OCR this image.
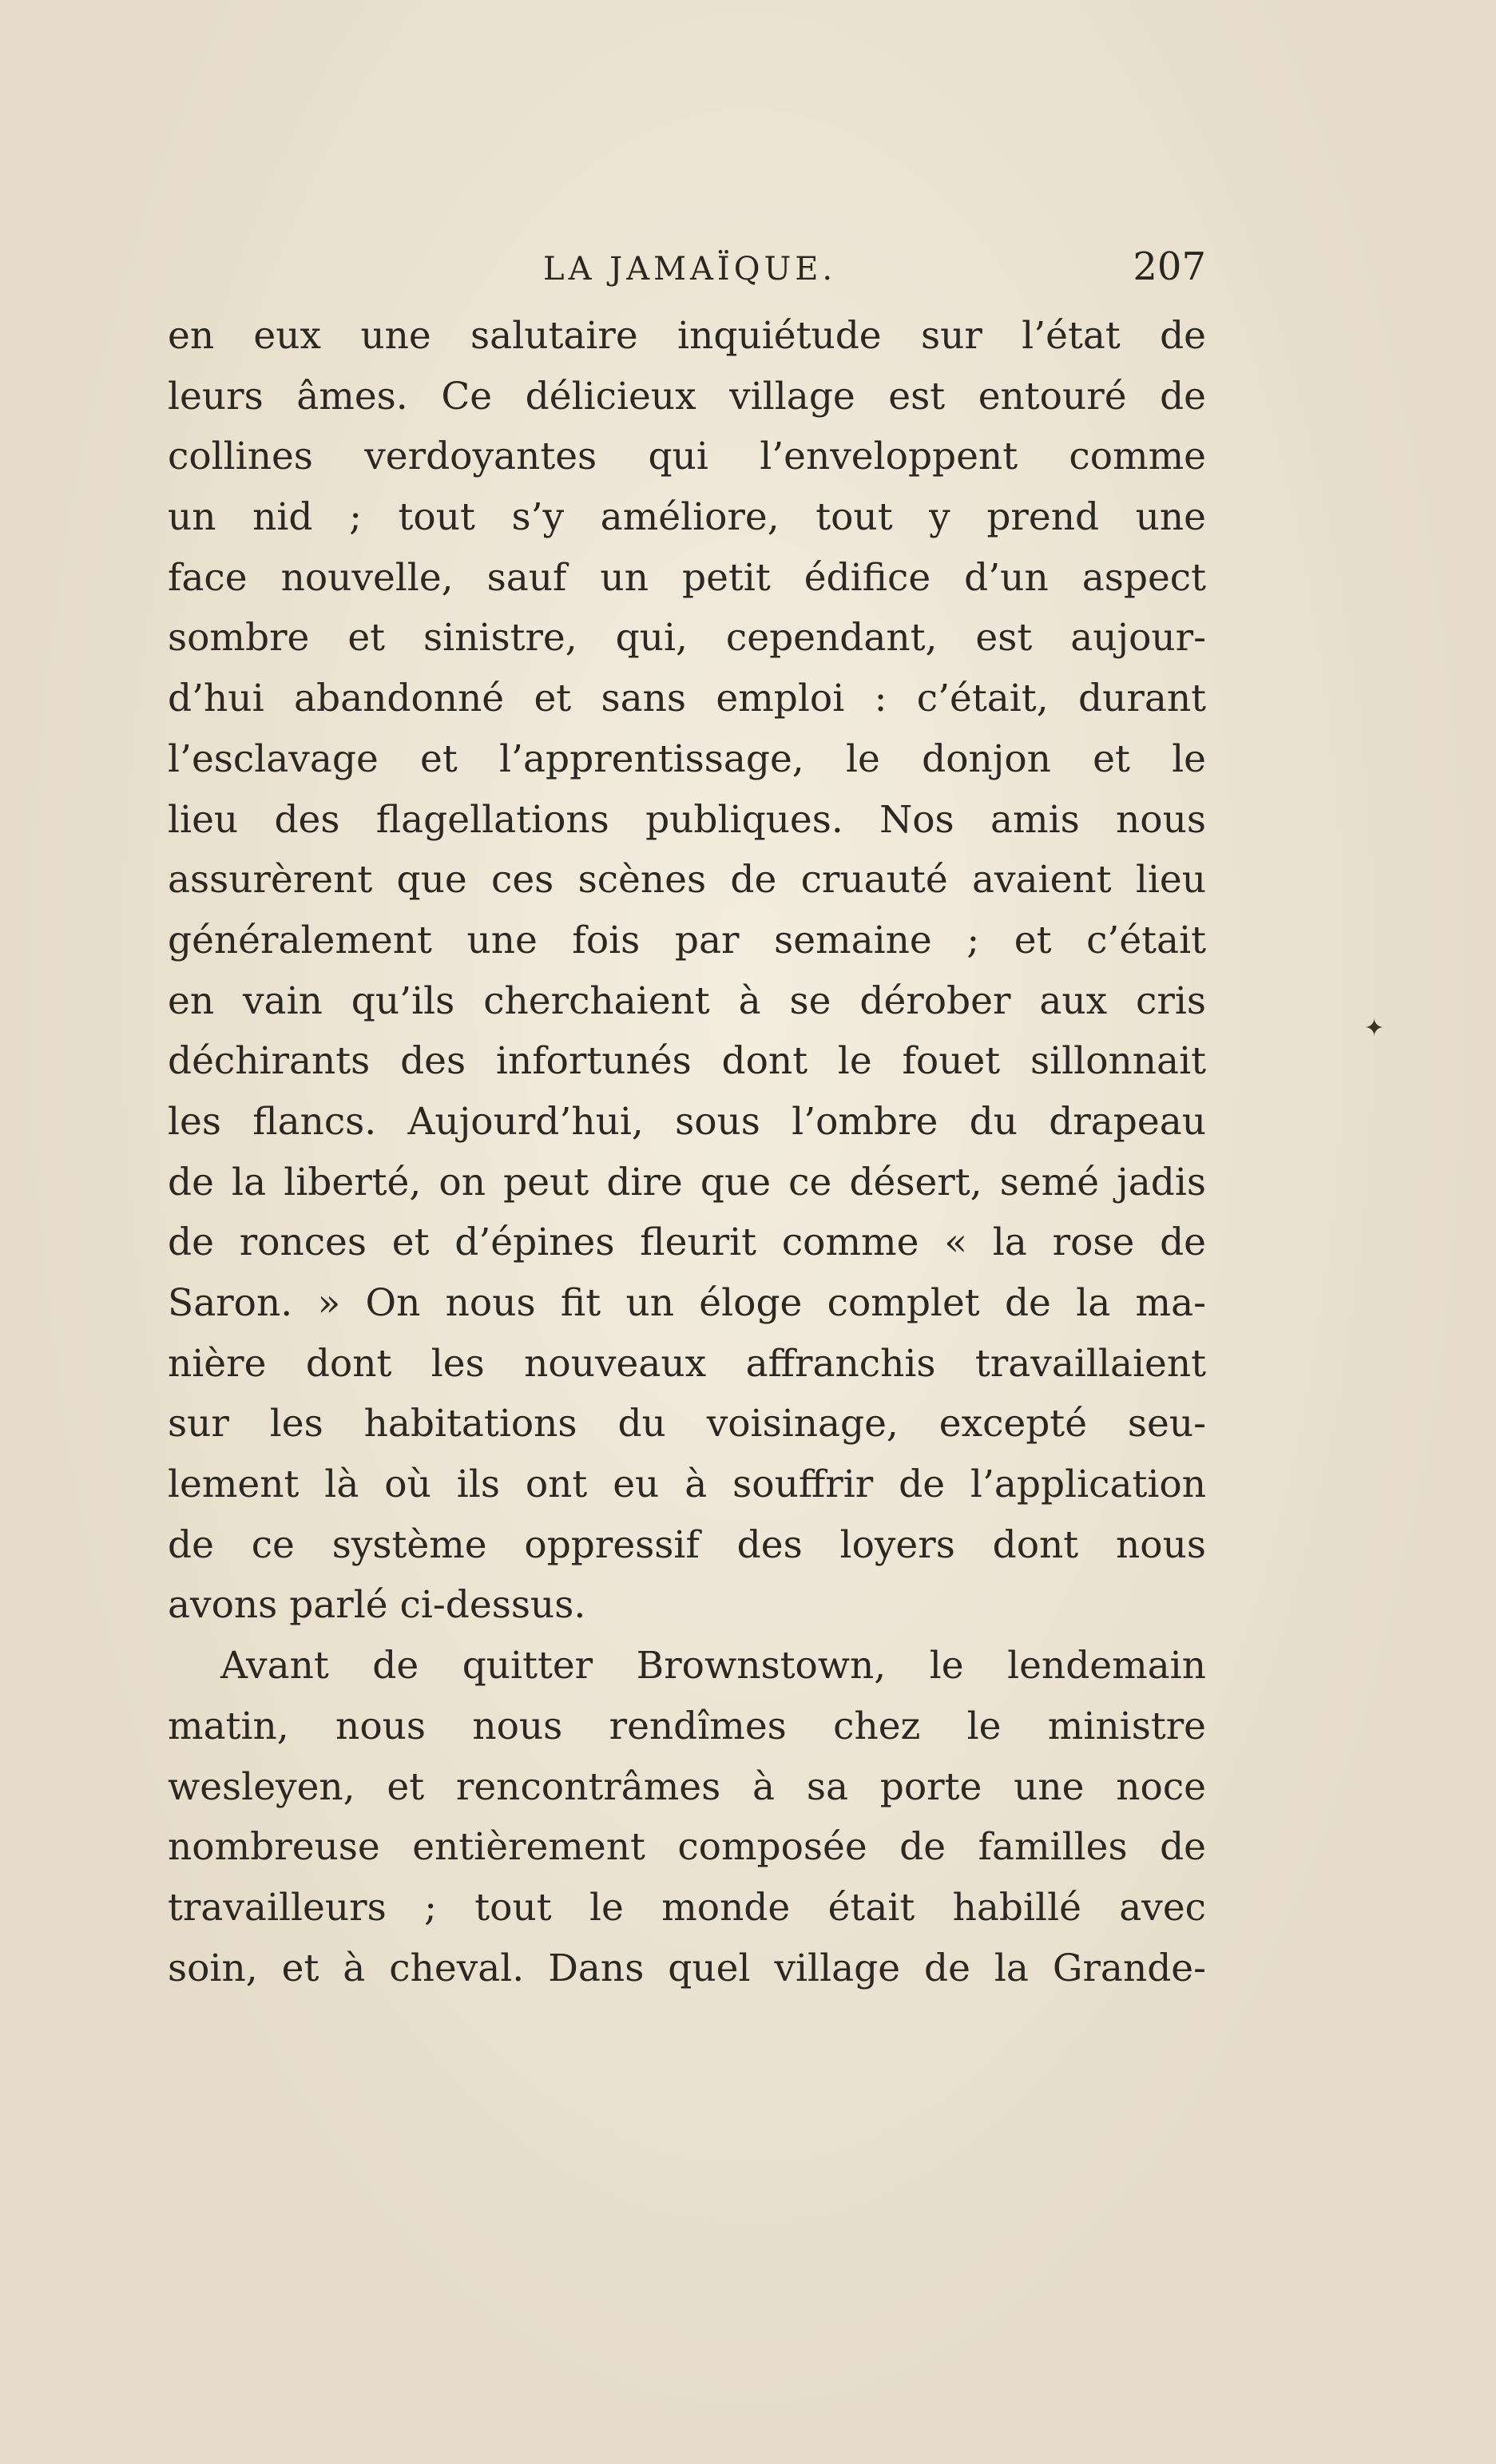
LA JAMAÏQUE.	207
en eux une salutaire inquiétude sur l’état de
leurs âmes. Ce délicieux village est entouré de
collines verdoyantes qui l’enveloppent comme
un nid ; tout s’y améliore, tout y prend une
face nouvelle, sauf un petit édifice d’un aspect
sombre et sinistre, qui, cependant, est aujour-
d’hui abandonné et sans emploi : c’était, durant
l’esclavage et l’apprentissage, le donjon et le
lieu des flagellations publiques. Nos amis nous
assurèrent que ces scènes de cruauté avaient lieu
généralement une fois par semaine ; et c’était
en vain qu’ils cherchaient à se dérober aux cris
déchirants des infortunés dont le fouet sillonnait
les flancs. Aujourd’hui, sous l’ombre du drapeau
de la liberté, on peut dire que ce désert, semé jadis
de ronces et d’épines fleurit comme « la rose de
Saron. » On nous fit un éloge complet de la ma-
nière dont les nouveaux affranchis travaillaient
sur les habitations du voisinage, excepté seu-
lement là où ils ont eu à souffrir de l’application
de ce système oppressif des loyers dont nous
avons parlé ci-dessus.
Avant de quitter Brownstown, le lendemain
matin, nous nous rendîmes chez le ministre
wesleyen, et rencontrâmes à sa porte une noce
nombreuse entièrement composée de familles de
travailleurs ; tout le monde était habillé avec
soin, et à cheval. Dans quel village de la Grande-
✦
